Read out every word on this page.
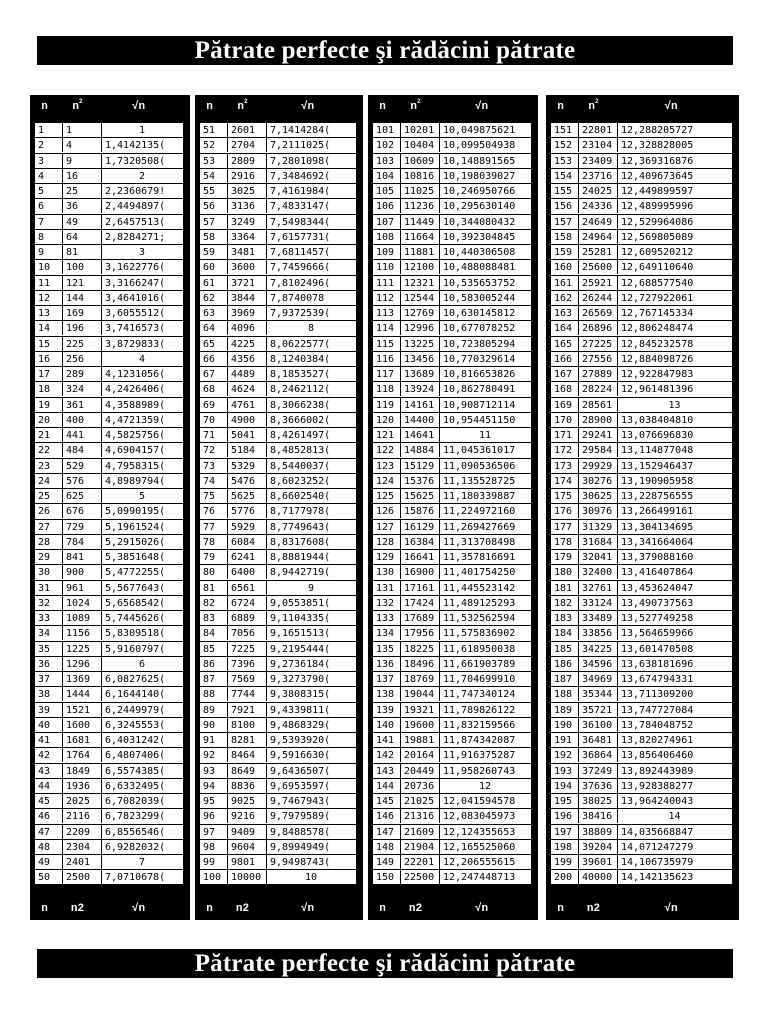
Pătrate perfecte şi rădăcini pătrate
n	$n^2$	√n
1	1	1
2	4	1,4142135(
3	9	1,7320508(
4	16	2
5	25	2,2360679!
6	36	2,4494897(
7	49	2,6457513(
8	64	2,8284271;
9	81	3
10	100	3,1622776(
11	121	3,3166247(
12	144	3,4641016(
13	169	3,6055512(
14	196	3,7416573(
15	225	3,8729833(
16	256	4
17	289	4,1231056(
18	324	4,2426406(
19	361	4,3588989(
20	400	4,4721359(
21	441	4,5825756(
22	484	4,6904157(
23	529	4,7958315(
24	576	4,8989794(
25	625	5
26	676	5,0990195(
27	729	5,1961524(
28	784	5,2915026(
29	841	5,3851648(
30	900	5,4772255(
31	961	5,5677643(
32	1024	5,6568542(
33	1089	5,7445626(
34	1156	5,8309518(
35	1225	5,9160797(
36	1296	6
37	1369	6,0827625(
38	1444	6,1644140(
39	1521	6,2449979(
40	1600	6,3245553(
41	1681	6,4031242(
42	1764	6,4807406(
43	1849	6,5574385(
44	1936	6,6332495(
45	2025	6,7082039(
46	2116	6,7823299(
47	2209	6,8556546(
48	2304	6,9282032(
49	2401	7
50	2500	7,0710678(
n	n2	√n
n	$n^2$	√n
51	2601	7,1414284(
52	2704	7,2111025(
53	2809	7,2801098(
54	2916	7,3484692(
55	3025	7,4161984(
56	3136	7,4833147(
57	3249	7,5498344(
58	3364	7,6157731(
59	3481	7,6811457(
60	3600	7,7459666(
61	3721	7,8102496(
62	3844	7,8740078
63	3969	7,9372539(
64	4096	8
65	4225	8,0622577(
66	4356	8,1240384(
67	4489	8,1853527(
68	4624	8,2462112(
69	4761	8,3066238(
70	4900	8,3666002(
71	5041	8,4261497(
72	5184	8,4852813(
73	5329	8,5440037(
74	5476	8,6023252(
75	5625	8,6602540(
76	5776	8,7177978(
77	5929	8,7749643(
78	6084	8,8317608(
79	6241	8,8881944(
80	6400	8,9442719(
81	6561	9
82	6724	9,0553851(
83	6889	9,1104335(
84	7056	9,1651513(
85	7225	9,2195444(
86	7396	9,2736184(
87	7569	9,3273790(
88	7744	9,3808315(
89	7921	9,4339811(
90	8100	9,4868329(
91	8281	9,5393920(
92	8464	9,5916630(
93	8649	9,6436507(
94	8836	9,6953597(
95	9025	9,7467943(
96	9216	9,7979589(
97	9409	9,8488578(
98	9604	9,8994949(
99	9801	9,9498743(
100 10000	10
n	n2	√n
n	$n^2$	√n
101 10201 10,049875621
102 10404 10,099504938
103 10609 10,148891565
104 10816 10,198039027
105 11025 10,246950766
106 11236 10,295630140
107 11449 10,344080432
108 11664 10,392304845
109 11881 10,440306508
110 12100 10,488088481
111 12321 10,535653752
112 12544 10,583005244
113 12769 10,630145812
114 12996 10,677078252
115 13225 10,723805294
116 13456 10,770329614
117 13689 10,816653826
118 13924 10,862780491
119 14161 10,908712114
120 14400 10,954451150
121 14641	11
122 14884 11,045361017
123 15129 11,090536506
124 15376 11,135528725
125 15625 11,180339887
126 15876 11,224972160
127 16129 11,269427669
128 16384 11,313708498
129 16641 11,357816691
130 16900 11,401754250
131 17161 11,445523142
132 17424 11,489125293
133 17689 11,532562594
134 17956 11,575836902
135 18225 11,618950038
136 18496 11,661903789
137 18769 11,704699910
138 19044 11,747340124
139 19321 11,789826122
140 19600 11,832159566
141 19881 11,874342087
142 20164 11,916375287
143 20449 11,958260743
144 20736	12
145 21025 12,041594578
146 21316 12,083045973
147 21609 12,124355653
148 21904 12,165525060
149 22201 12,206555615
150 22500 12,247448713
n	n2	√n
n	$n^2$	√n
151 22801 12,288205727
152 23104 12,328828005
153 23409 12,369316876
154 23716 12,409673645
155 24025 12,449899597
156 24336 12,489995996
157 24649 12,529964086
158 24964 12,569805089
159 25281 12,609520212
160 25600 12,649110640
161 25921 12,688577540
162 26244 12,727922061
163 26569 12,767145334
164 26896 12,806248474
165 27225 12,845232578
166 27556 12,884098726
167 27889 12,922847983
168 28224 12,961481396
169 28561	13
170 28900 13,038404810
171 29241 13,076696830
172 29584 13,114877048
173 29929 13,152946437
174 30276 13,190905958
175 30625 13,228756555
176 30976 13,266499161
177 31329 13,304134695
178 31684 13,341664064
179 32041 13,379088160
180 32400 13,416407864
181 32761 13,453624047
182 33124 13,490737563
183 33489 13,527749258
184 33856 13,564659966
185 34225 13,601470508
186 34596 13,638181696
187 34969 13,674794331
188 35344 13,711309200
189 35721 13,747727084
190 36100 13,784048752
191 36481 13,820274961
192 36864 13,856406460
193 37249 13,892443989
194 37636 13,928388277
195 38025 13,964240043
196 38416	14
197 38809 14,035668847
198 39204 14,071247279
199 39601 14,106735979
200 40000 14,142135623
n	n2	√n
Pătrate perfecte şi rădăcini pătrate
